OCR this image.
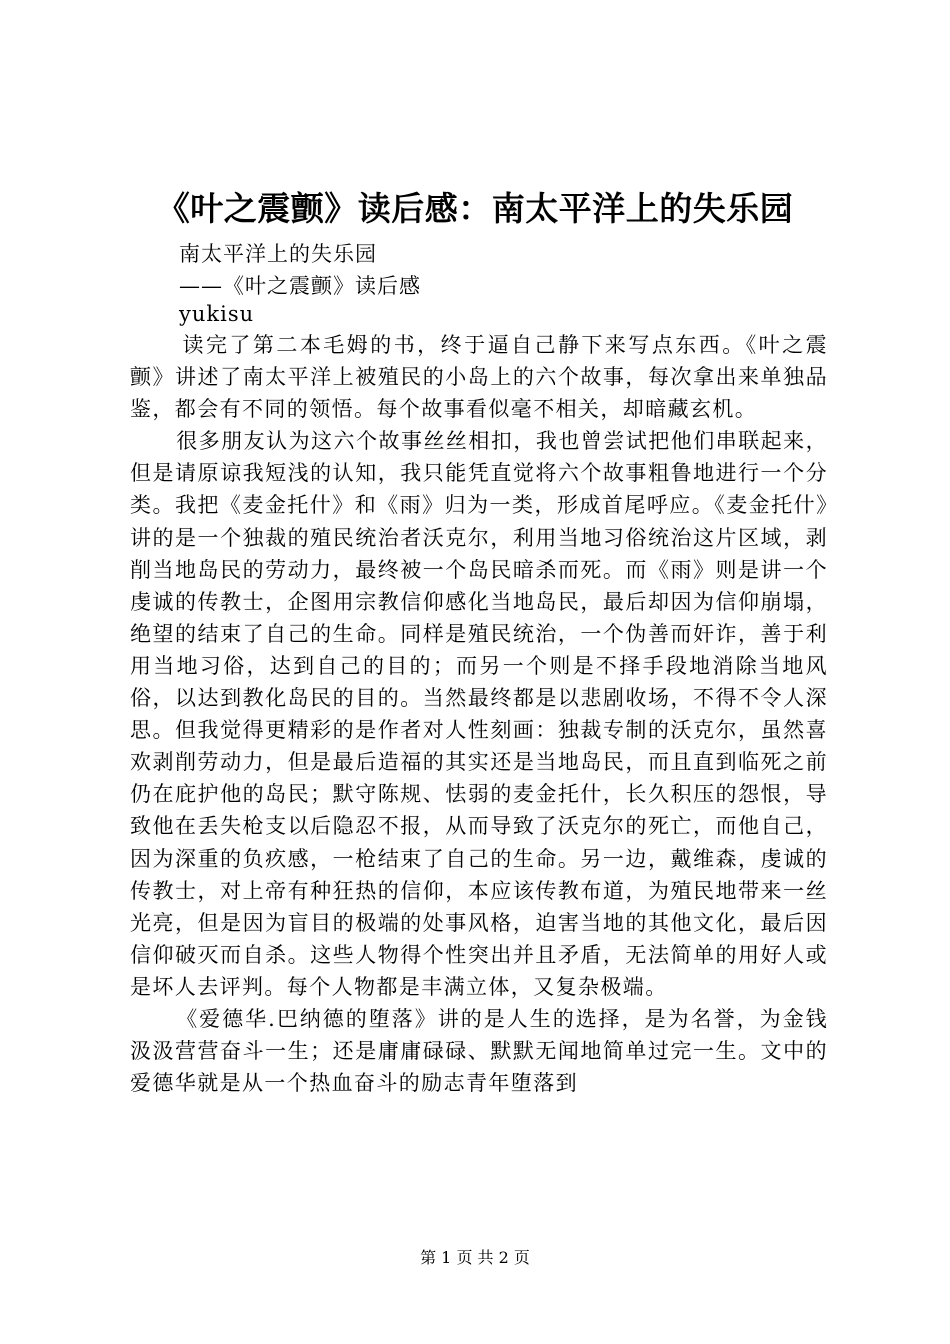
《叶之震颤》读后感：南太平洋上的失乐园
南太平洋上的失乐园
——《叶之震颤》读后感
yukisu

读完了第二本毛姆的书，终于逼自己静下来写点东西。《叶之震颤》讲述了南太平洋上被殖民的小岛上的六个故事，每次拿出来单独品鉴，都会有不同的领悟。每个故事看似毫不相关，却暗藏玄机。

很多朋友认为这六个故事丝丝相扣，我也曾尝试把他们串联起来，但是请原谅我短浅的认知，我只能凭直觉将六个故事粗鲁地进行一个分类。我把《麦金托什》和《雨》归为一类，形成首尾呼应。《麦金托什》讲的是一个独裁的殖民统治者沃克尔，利用当地习俗统治这片区域，剥削当地岛民的劳动力，最终被一个岛民暗杀而死。而《雨》则是讲一个虔诚的传教士，企图用宗教信仰感化当地岛民，最后却因为信仰崩塌，绝望的结束了自己的生命。同样是殖民统治，一个伪善而奸诈，善于利用当地习俗，达到自己的目的；而另一个则是不择手段地消除当地风俗，以达到教化岛民的目的。当然最终都是以悲剧收场，不得不令人深思。但我觉得更精彩的是作者对人性刻画：独裁专制的沃克尔，虽然喜欢剥削劳动力，但是最后造福的其实还是当地岛民，而且直到临死之前仍在庇护他的岛民；默守陈规、怯弱的麦金托什，长久积压的怨恨，导致他在丢失枪支以后隐忍不报，从而导致了沃克尔的死亡，而他自己，因为深重的负疚感，一枪结束了自己的生命。另一边，戴维森，虔诚的传教士，对上帝有种狂热的信仰，本应该传教布道，为殖民地带来一丝光亮，但是因为盲目的极端的处事风格，迫害当地的其他文化，最后因信仰破灭而自杀。这些人物得个性突出并且矛盾，无法简单的用好人或是坏人去评判。每个人物都是丰满立体，又复杂极端。

《爱德华.巴纳德的堕落》讲的是人生的选择，是为名誉，为金钱汲汲营营奋斗一生；还是庸庸碌碌、默默无闻地简单过完一生。文中的爱德华就是从一个热血奋斗的励志青年堕落到

第 1 页 共 2 页
